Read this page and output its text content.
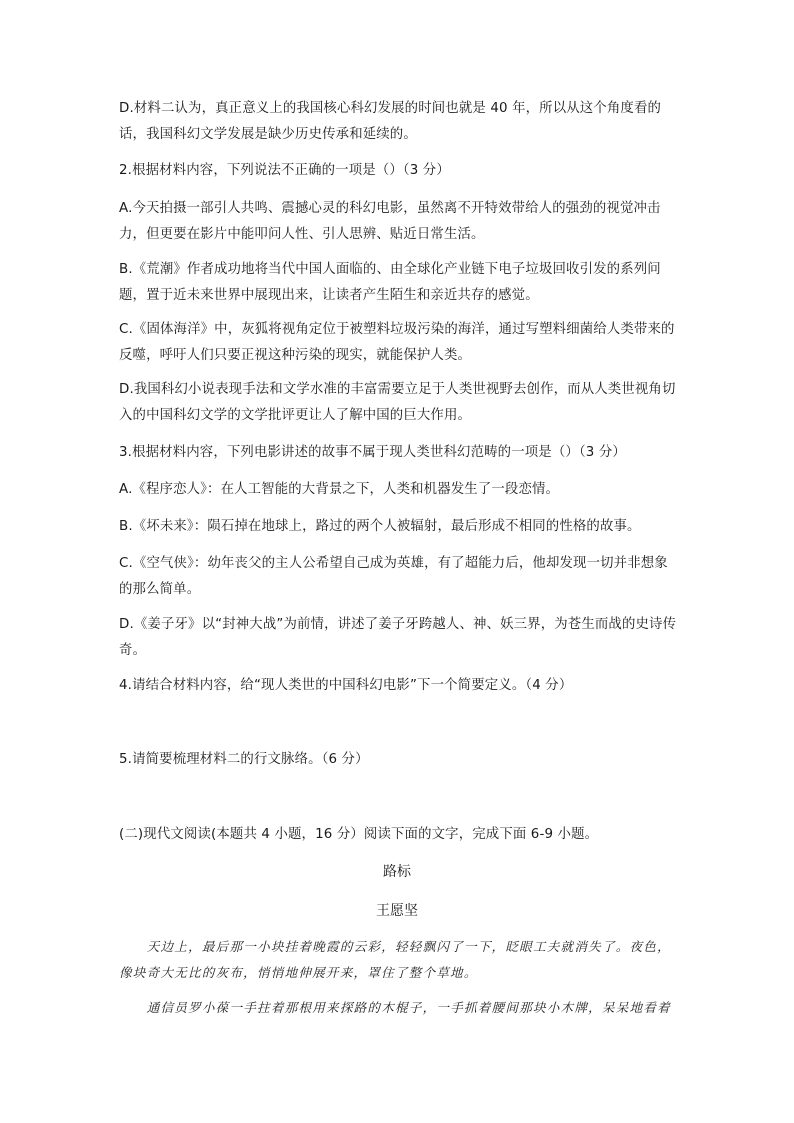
D.材料二认为，真正意义上的我国核心科幻发展的时间也就是 40 年，所以从这个角度看的话，我国科幻文学发展是缺少历史传承和延续的。

2.根据材料内容，下列说法不正确的一项是（）（3 分）

A.今天拍摄一部引人共鸣、震撼心灵的科幻电影，虽然离不开特效带给人的强劲的视觉冲击力，但更要在影片中能叩问人性、引人思辨、贴近日常生活。

B.《荒潮》作者成功地将当代中国人面临的、由全球化产业链下电子垃圾回收引发的系列问题，置于近未来世界中展现出来，让读者产生陌生和亲近共存的感觉。

C.《固体海洋》中，灰狐将视角定位于被塑料垃圾污染的海洋，通过写塑料细菌给人类带来的反噬，呼吁人们只要正视这种污染的现实，就能保护人类。

D.我国科幻小说表现手法和文学水准的丰富需要立足于人类世视野去创作，而从人类世视角切入的中国科幻文学的文学批评更让人了解中国的巨大作用。

3.根据材料内容，下列电影讲述的故事不属于现人类世科幻范畴的一项是（）（3 分）

A.《程序恋人》：在人工智能的大背景之下，人类和机器发生了一段恋情。

B.《坏未来》：陨石掉在地球上，路过的两个人被辐射，最后形成不相同的性格的故事。

C.《空气侠》：幼年丧父的主人公希望自己成为英雄，有了超能力后，他却发现一切并非想象的那么简单。

D.《姜子牙》以“封神大战”为前情，讲述了姜子牙跨越人、神、妖三界，为苍生而战的史诗传奇。

4.请结合材料内容，给“现人类世的中国科幻电影”下一个简要定义。（4 分）

5.请简要梳理材料二的行文脉络。（6 分）

(二)现代文阅读(本题共 4 小题，16 分）阅读下面的文字，完成下面 6-9 小题。

路标

王愿坚

天边上，最后那一小块挂着晚霞的云彩，轻轻飘闪了一下，眨眼工夫就消失了。夜色，像块奇大无比的灰布，悄悄地伸展开来，罩住了整个草地。

通信员罗小葆一手拄着那根用来探路的木棍子，一手抓着腰间那块小木牌，呆呆地看着
